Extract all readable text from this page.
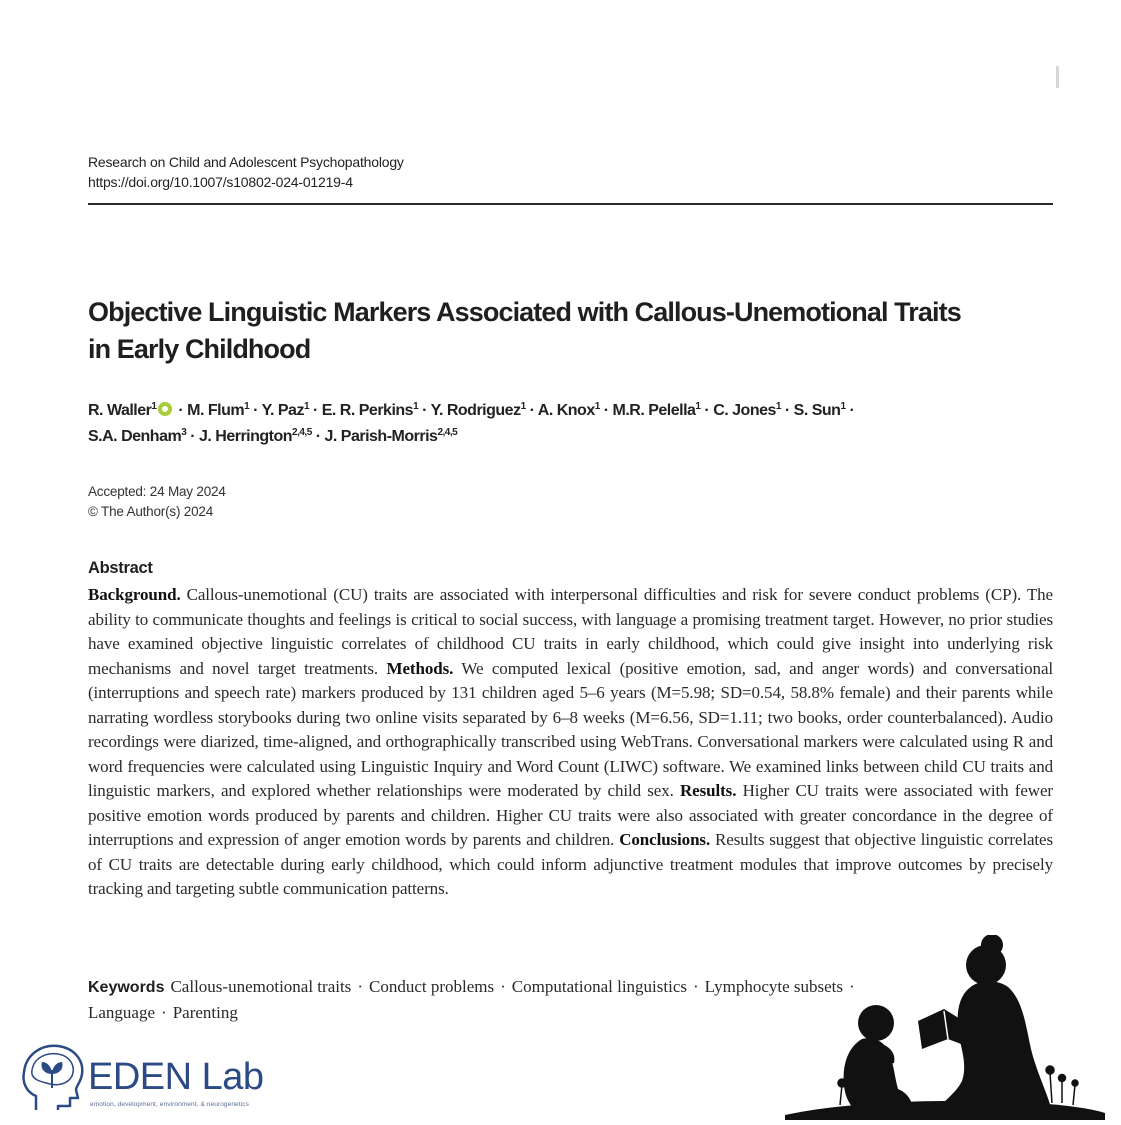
Research on Child and Adolescent Psychopathology
https://doi.org/10.1007/s10802-024-01219-4
Objective Linguistic Markers Associated with Callous-Unemotional Traits in Early Childhood
R. Waller$^1$ · M. Flum$^1$ · Y. Paz$^1$ · E. R. Perkins$^1$ · Y. Rodriguez$^1$ · A. Knox$^1$ · M.R. Pelella$^1$ · C. Jones$^1$ · S. Sun$^1$ ·
S.A. Denham$^3$ · J. Herrington$^{2,4,5}$ · J. Parish-Morris$^{2,4,5}$
Accepted: 24 May 2024
© The Author(s) 2024
Abstract

Background. Callous-unemotional (CU) traits are associated with interpersonal difficulties and risk for severe conduct problems (CP). The ability to communicate thoughts and feelings is critical to social success, with language a promising treatment target. However, no prior studies have examined objective linguistic correlates of childhood CU traits in early childhood, which could give insight into underlying risk mechanisms and novel target treatments. Methods. We computed lexical (positive emotion, sad, and anger words) and conversational (interruptions and speech rate) markers produced by 131 children aged 5–6 years (M=5.98; SD=0.54, 58.8% female) and their parents while narrating wordless storybooks during two online visits separated by 6–8 weeks (M=6.56, SD=1.11; two books, order counterbalanced). Audio recordings were diarized, time-aligned, and orthographically transcribed using WebTrans. Conversational markers were calculated using R and word frequencies were calculated using Linguistic Inquiry and Word Count (LIWC) software. We examined links between child CU traits and linguistic markers, and explored whether relationships were moderated by child sex. Results. Higher CU traits were associated with fewer positive emotion words produced by parents and children. Higher CU traits were also associated with greater concordance in the degree of interruptions and expression of anger emotion words by parents and children. Conclusions. Results suggest that objective linguistic correlates of CU traits are detectable during early childhood, which could inform adjunctive treatment modules that improve outcomes by precisely tracking and targeting subtle communication patterns.

Keywords Callous-unemotional traits · Conduct problems · Computational linguistics · Lymphocyte subsets ·
Language · Parenting
EDEN Lab
emotion, development, environment, & neurogenetics
